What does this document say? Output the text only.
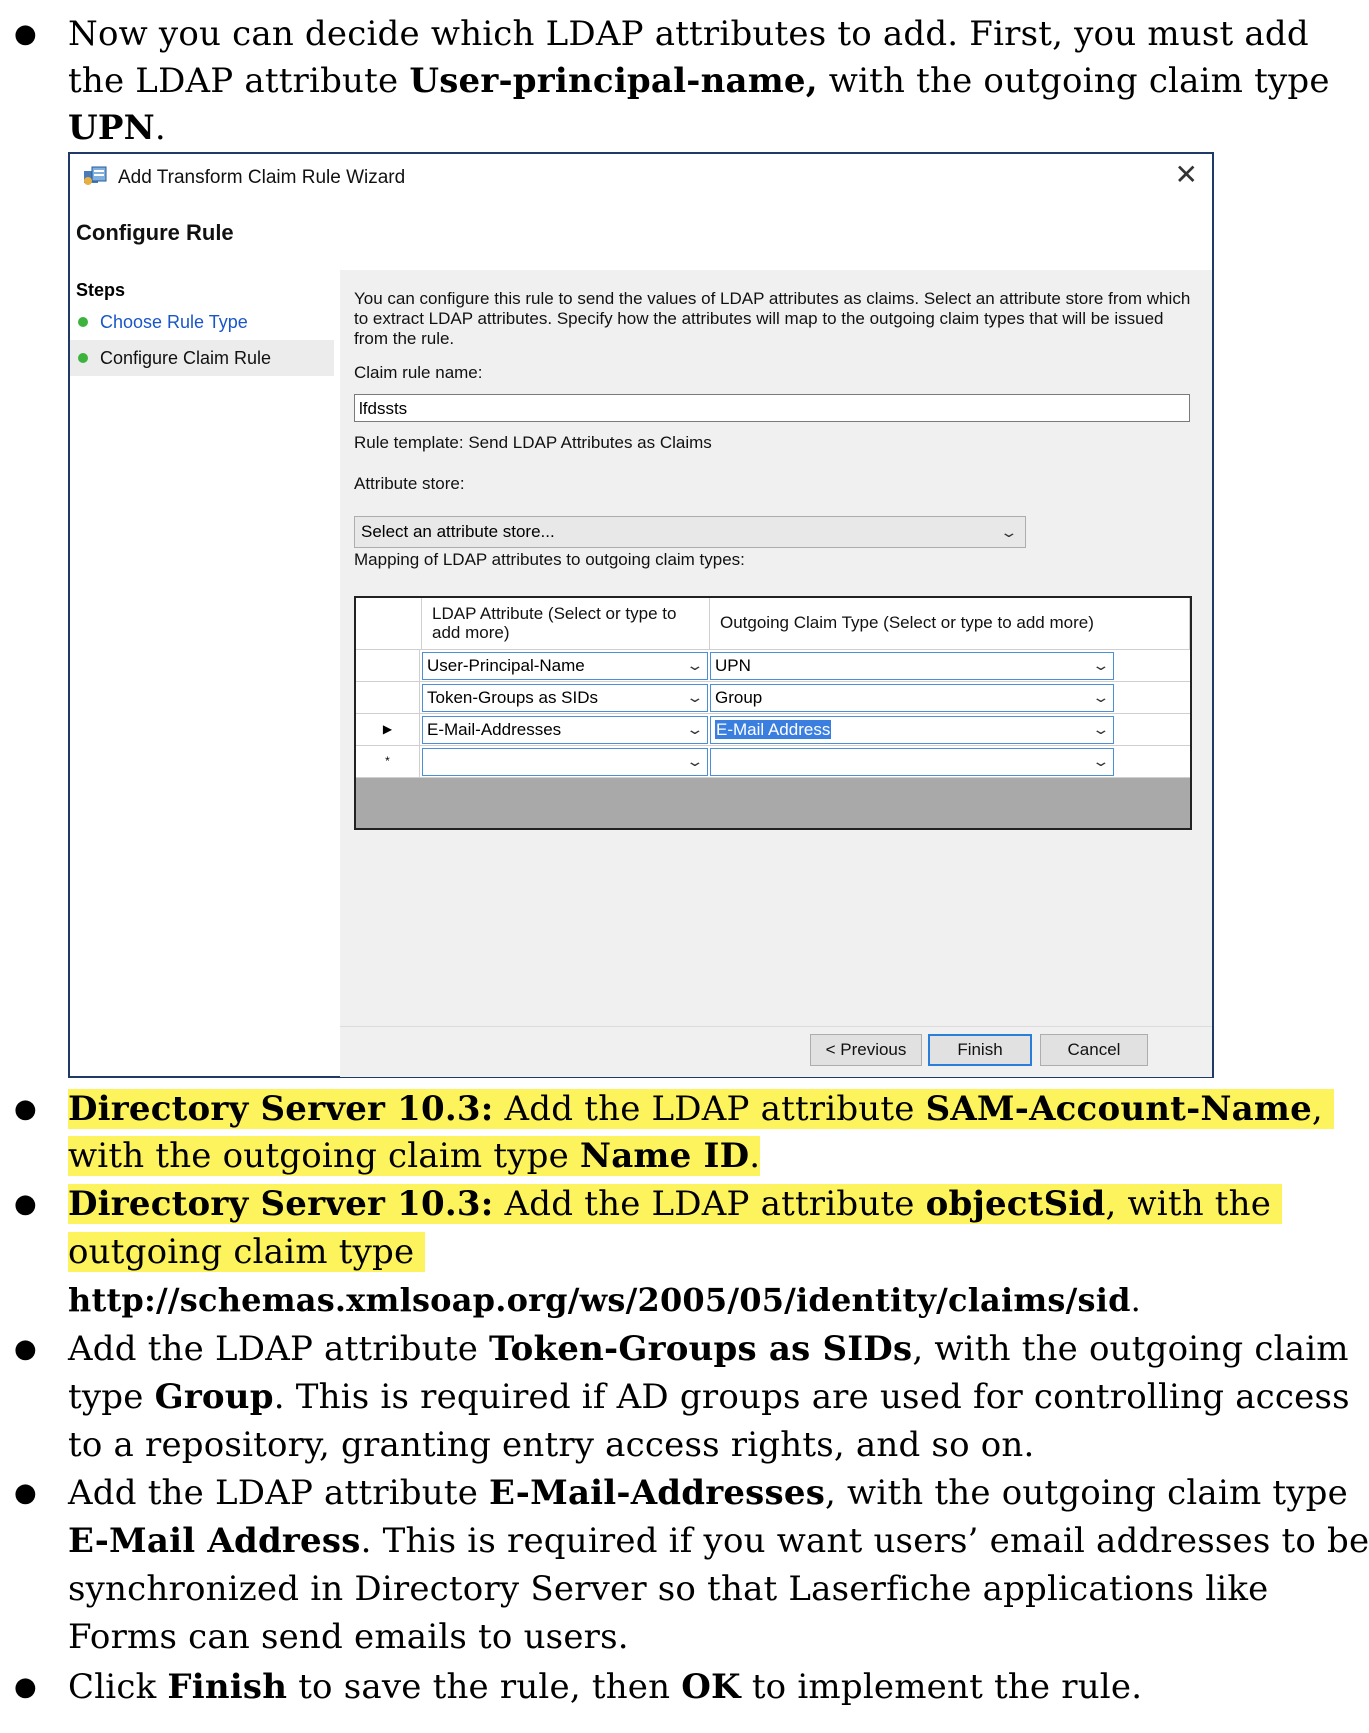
● Now you can decide which LDAP attributes to add. First, you must add
the LDAP attribute User-principal-name, with the outgoing claim type
UPN.
Add Transform Claim Rule Wizard	✕
Configure Rule
Steps
Choose Rule Type
Configure Claim Rule
You can configure this rule to send the values of LDAP attributes as claims. Select an attribute store from which
to extract LDAP attributes. Specify how the attributes will map to the outgoing claim types that will be issued
from the rule.
Claim rule name:
lfdssts
Rule template: Send LDAP Attributes as Claims
Attribute store:
Select an attribute store...	⌄
Mapping of LDAP attributes to outgoing claim types:
LDAP Attribute (Select or type to
add more)
Outgoing Claim Type (Select or type to add more)
User-Principal-Name	⌄ UPN	⌄
Token-Groups as SIDs	⌄ Group	⌄
▶	E-Mail-Addresses	⌄ E-Mail Address	⌄
*	⌄	⌄
< Previous	Finish	Cancel
● Directory Server 10.3: Add the LDAP attribute SAM-Account-Name,
with the outgoing claim type Name ID.
● Directory Server 10.3: Add the LDAP attribute objectSid, with the
outgoing claim type
http://schemas.xmlsoap.org/ws/2005/05/identity/claims/sid.
● Add the LDAP attribute Token-Groups as SIDs, with the outgoing claim
type Group. This is required if AD groups are used for controlling access
to a repository, granting entry access rights, and so on.
● Add the LDAP attribute E-Mail-Addresses, with the outgoing claim type
E-Mail Address. This is required if you want users’ email addresses to be
synchronized in Directory Server so that Laserfiche applications like
Forms can send emails to users.
● Click Finish to save the rule, then OK to implement the rule.
